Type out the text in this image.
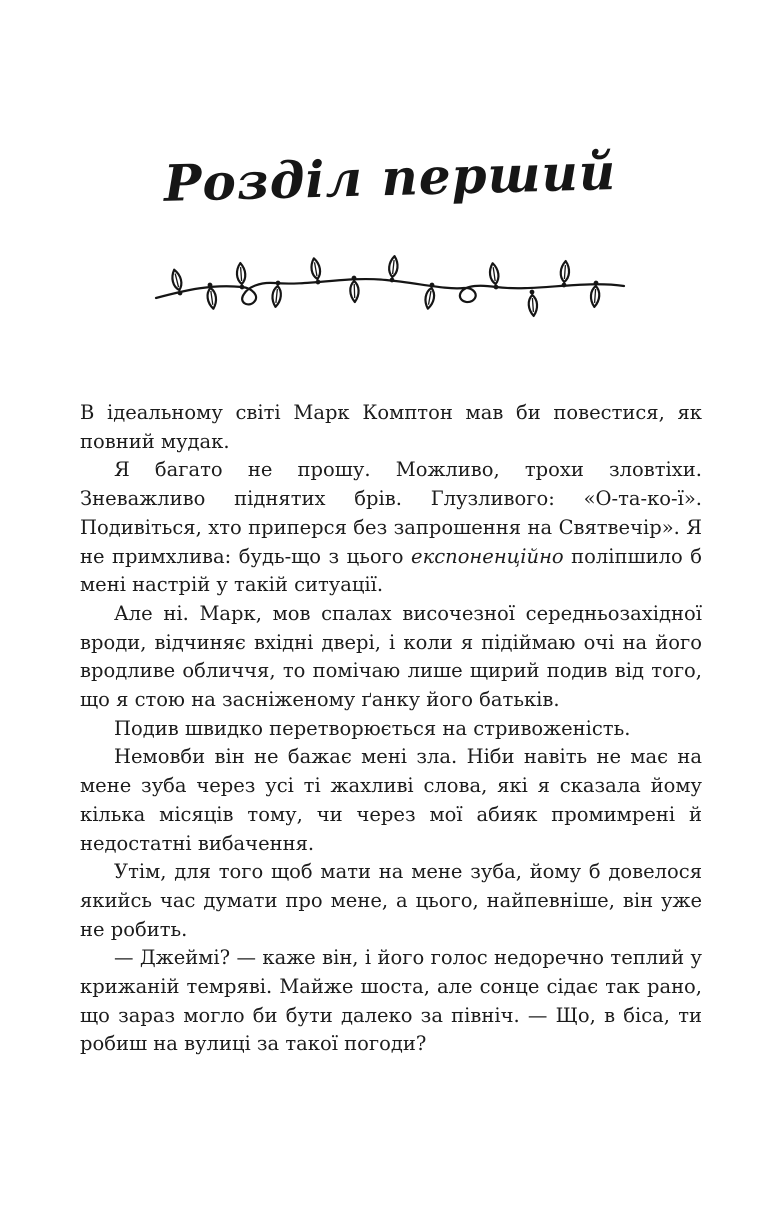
Розділ перший

В ідеальному світі Марк Комптон мав би повестися, як повний мудак.

Я багато не прошу. Можливо, трохи зловтіхи. Зневажливо піднятих брів. Глузливого: «О-та-ко-ї». Подивіться, хто приперся без запрошення на Святвечір». Я не примхлива: будь-що з цього експоненційно поліпшило б мені настрій у такій ситуації.

Але ні. Марк, мов спалах височезної середньозахідної вроди, відчиняє вхідні двері, і коли я підіймаю очі на його вродливе обличчя, то помічаю лише щирий подив від того, що я стою на засніженому ґанку його батьків.

Подив швидко перетворюється на стривоженість.

Немовби він не бажає мені зла. Ніби навіть не має на мене зуба через усі ті жахливі слова, які я сказала йому кілька місяців тому, чи через мої абияк промимрені й недостатні вибачення.

Утім, для того щоб мати на мене зуба, йому б довелося якийсь час думати про мене, а цього, найпевніше, він уже не робить.

— Джеймі? — каже він, і його голос недоречно теплий у крижаній темряві. Майже шоста, але сонце сідає так рано, що зараз могло би бути далеко за північ. — Що, в біса, ти робиш на вулиці за такої погоди?
